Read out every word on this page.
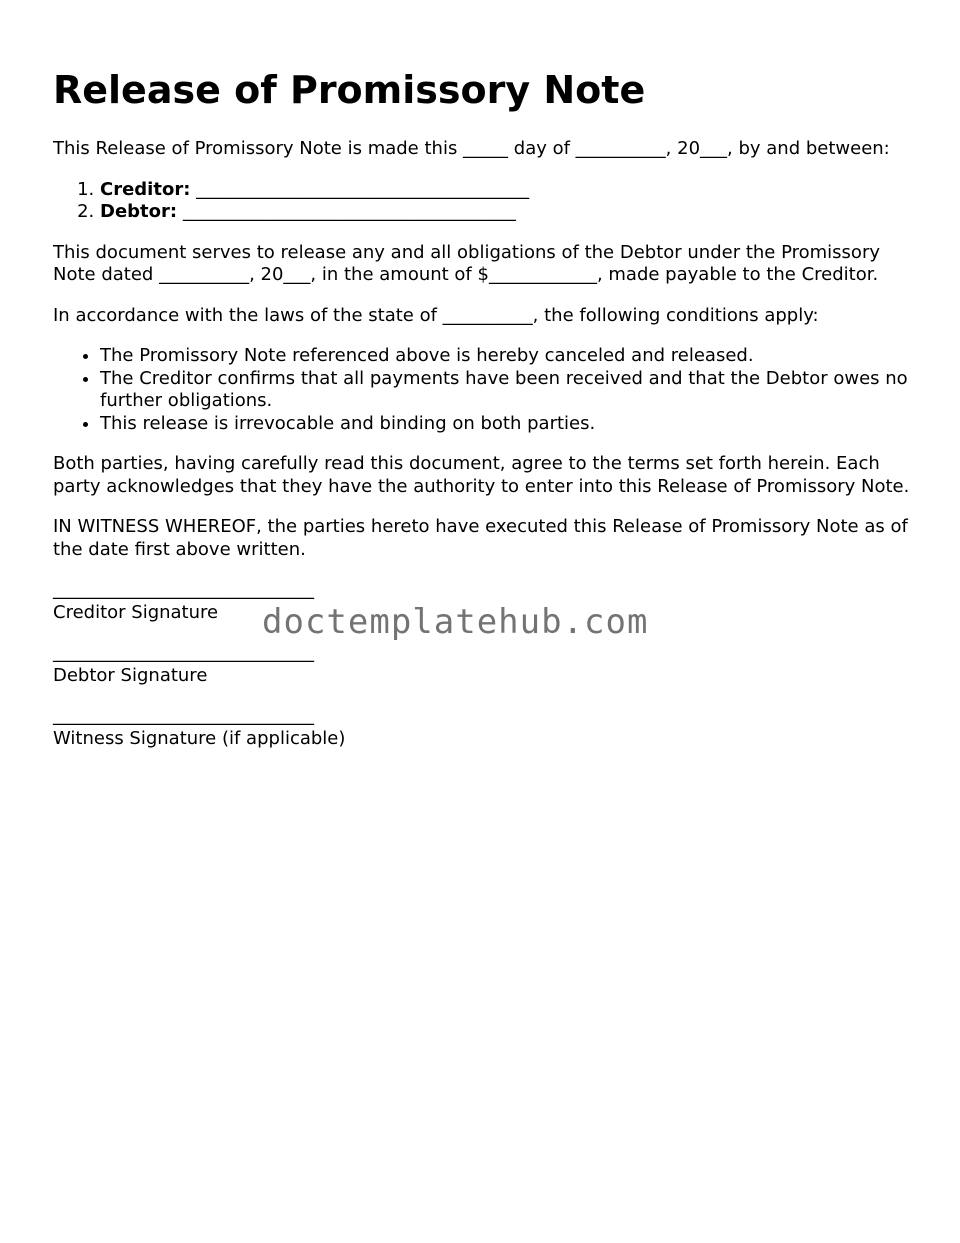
Release of Promissory Note

This Release of Promissory Note is made this _____ day of __________, 20___, by and between:

1. Creditor: _____________________________________
2. Debtor: _____________________________________

This document serves to release any and all obligations of the Debtor under the Promissory Note dated __________, 20___, in the amount of $____________, made payable to the Creditor.

In accordance with the laws of the state of __________, the following conditions apply:

• The Promissory Note referenced above is hereby canceled and released.
• The Creditor confirms that all payments have been received and that the Debtor owes no further obligations.
• This release is irrevocable and binding on both parties.

Both parties, having carefully read this document, agree to the terms set forth herein. Each party acknowledges that they have the authority to enter into this Release of Promissory Note.

IN WITNESS WHEREOF, the parties hereto have executed this Release of Promissory Note as of the date first above written.

_____________________________
Creditor Signature
_____________________________
Debtor Signature
_____________________________
Witness Signature (if applicable)
doctemplatehub.com
